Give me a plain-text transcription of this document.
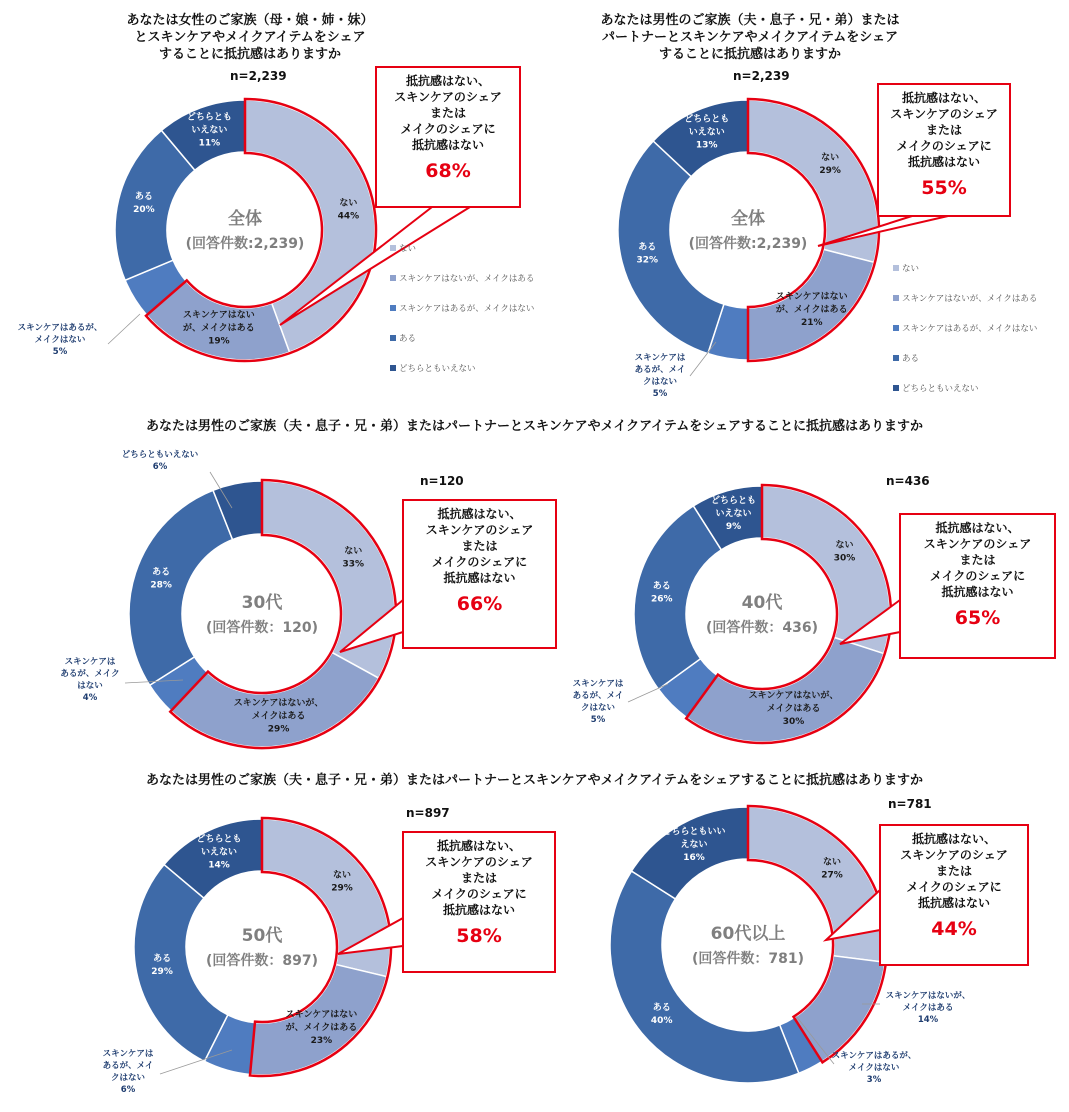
あなたは女性のご家族（母・娘・姉・妹）
とスキンケアやメイクアイテムをシェア
することに抵抗感はありますか
あなたは男性のご家族（夫・息子・兄・弟）または
パートナーとスキンケアやメイクアイテムをシェア
することに抵抗感はありますか
あなたは男性のご家族（夫・息子・兄・弟）またはパートナーとスキンケアやメイクアイテムをシェアすることに抵抗感はありますか
あなたは男性のご家族（夫・息子・兄・弟）またはパートナーとスキンケアやメイクアイテムをシェアすることに抵抗感はありますか
ない 44%
スキンケアはないが、メイクはある 19%
スキンケアはあるが、メイクはない 5%
ある 20%
どちらともいえない 11%
全体
(回答件数:2,239)
n=2,239	抵抗感はない、スキンケアのシェアまたはメイクのシェアに抵抗感はない
68%
ない
スキンケアはないが、メイクはある
スキンケアはあるが、メイクはない
ある
どちらともいえない
ない 29%
スキンケアはないが、メイクはある 21%
スキンケアはあるが、メイクはない 5%
ある 32%
どちらともいえない 13%
全体
(回答件数:2,239)
n=2,239
抵抗感はない、スキンケアのシェアまたはメイクのシェアに抵抗感はない
55%
ない
スキンケアはないが、メイクはある
スキンケアはあるが、メイクはない
ある
どちらともいえない
ない 33%
スキンケアはないが、メイクはある 29%
スキンケアはあるが、メイクはない 4%
ある 28%
どちらともいえない 6%
30代
(回答件数：120)
n=120
抵抗感はない、スキンケアのシェアまたはメイクのシェアに抵抗感はない
66%
ない 30%
スキンケアはないが、メイクはある 30%
スキンケアはあるが、メイクはない 5%
ある 26%
どちらともいえない 9%
40代
(回答件数：436)
n=436
抵抗感はない、スキンケアのシェアまたはメイクのシェアに抵抗感はない
65%
ない 29%
スキンケアはないが、メイクはある 23%
スキンケアはあるが、メイクはない 6%
ある 29%
どちらともいえない 14%
50代
(回答件数：897)
n=897
抵抗感はない、スキンケアのシェアまたはメイクのシェアに抵抗感はない
58%
ない 27%
スキンケアはないが、メイクはある 14%
スキンケアはあるが、メイクはない 3%
ある 40%
どちらともいいえない 16%
60代以上
(回答件数：781)
n=781
抵抗感はない、スキンケアのシェアまたはメイクのシェアに抵抗感はない
44%
